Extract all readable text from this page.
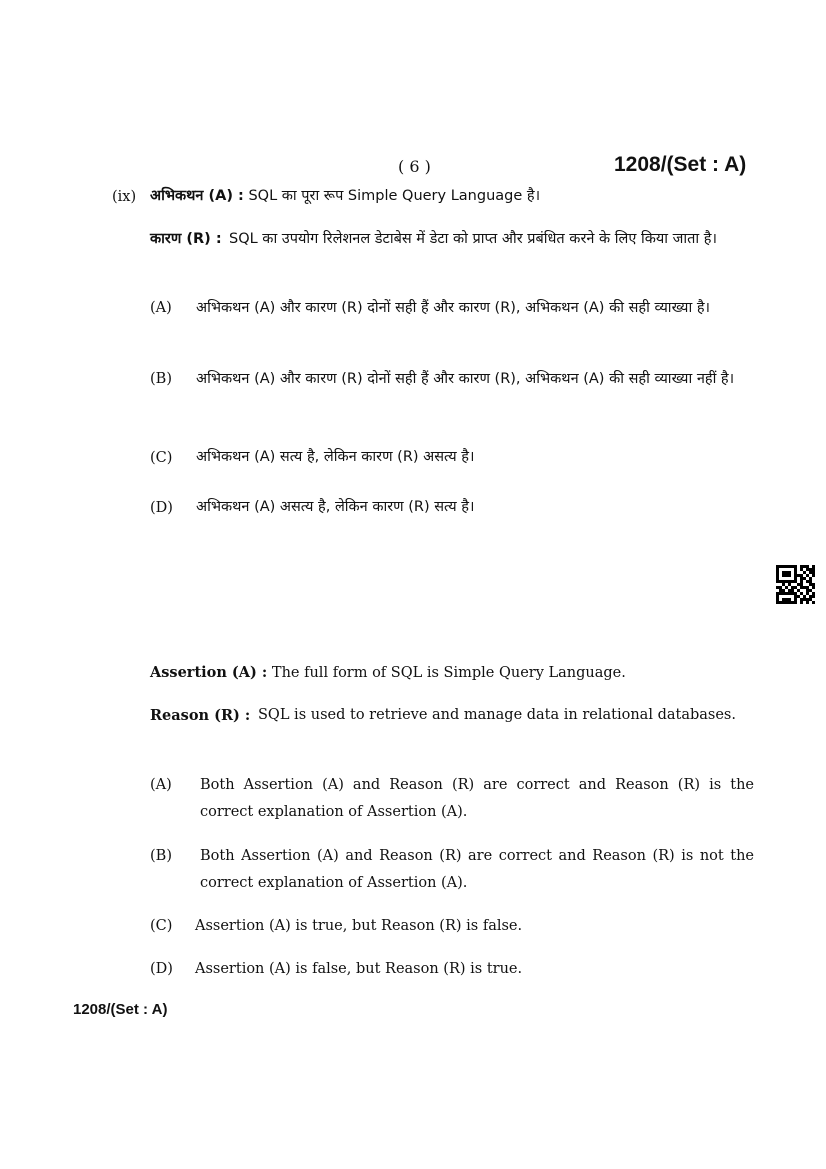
( 6 )	1208/(Set : A)
(ix) अभिकथन (A) : SQL का पूरा रूप Simple Query Language है।
कारण (R) : SQL का उपयोग रिलेशनल डेटाबेस में डेटा को प्राप्त और प्रबंधित करने के लिए किया जाता है।
(A) अभिकथन (A) और कारण (R) दोनों सही हैं और कारण (R), अभिकथन (A) की सही व्याख्या है।
(B) अभिकथन (A) और कारण (R) दोनों सही हैं और कारण (R), अभिकथन (A) की सही व्याख्या नहीं है।
(C) अभिकथन (A) सत्य है, लेकिन कारण (R) असत्य है।
(D) अभिकथन (A) असत्य है, लेकिन कारण (R) सत्य है।
Assertion (A) : The full form of SQL is Simple Query Language.
Reason (R) : SQL is used to retrieve and manage data in relational databases.
(A) Both Assertion (A) and Reason (R) are correct and Reason (R) is the correct explanation of Assertion (A).
(B) Both Assertion (A) and Reason (R) are correct and Reason (R) is not the correct explanation of Assertion (A).
(C) Assertion (A) is true, but Reason (R) is false.
(D) Assertion (A) is false, but Reason (R) is true.
1208/(Set : A)
